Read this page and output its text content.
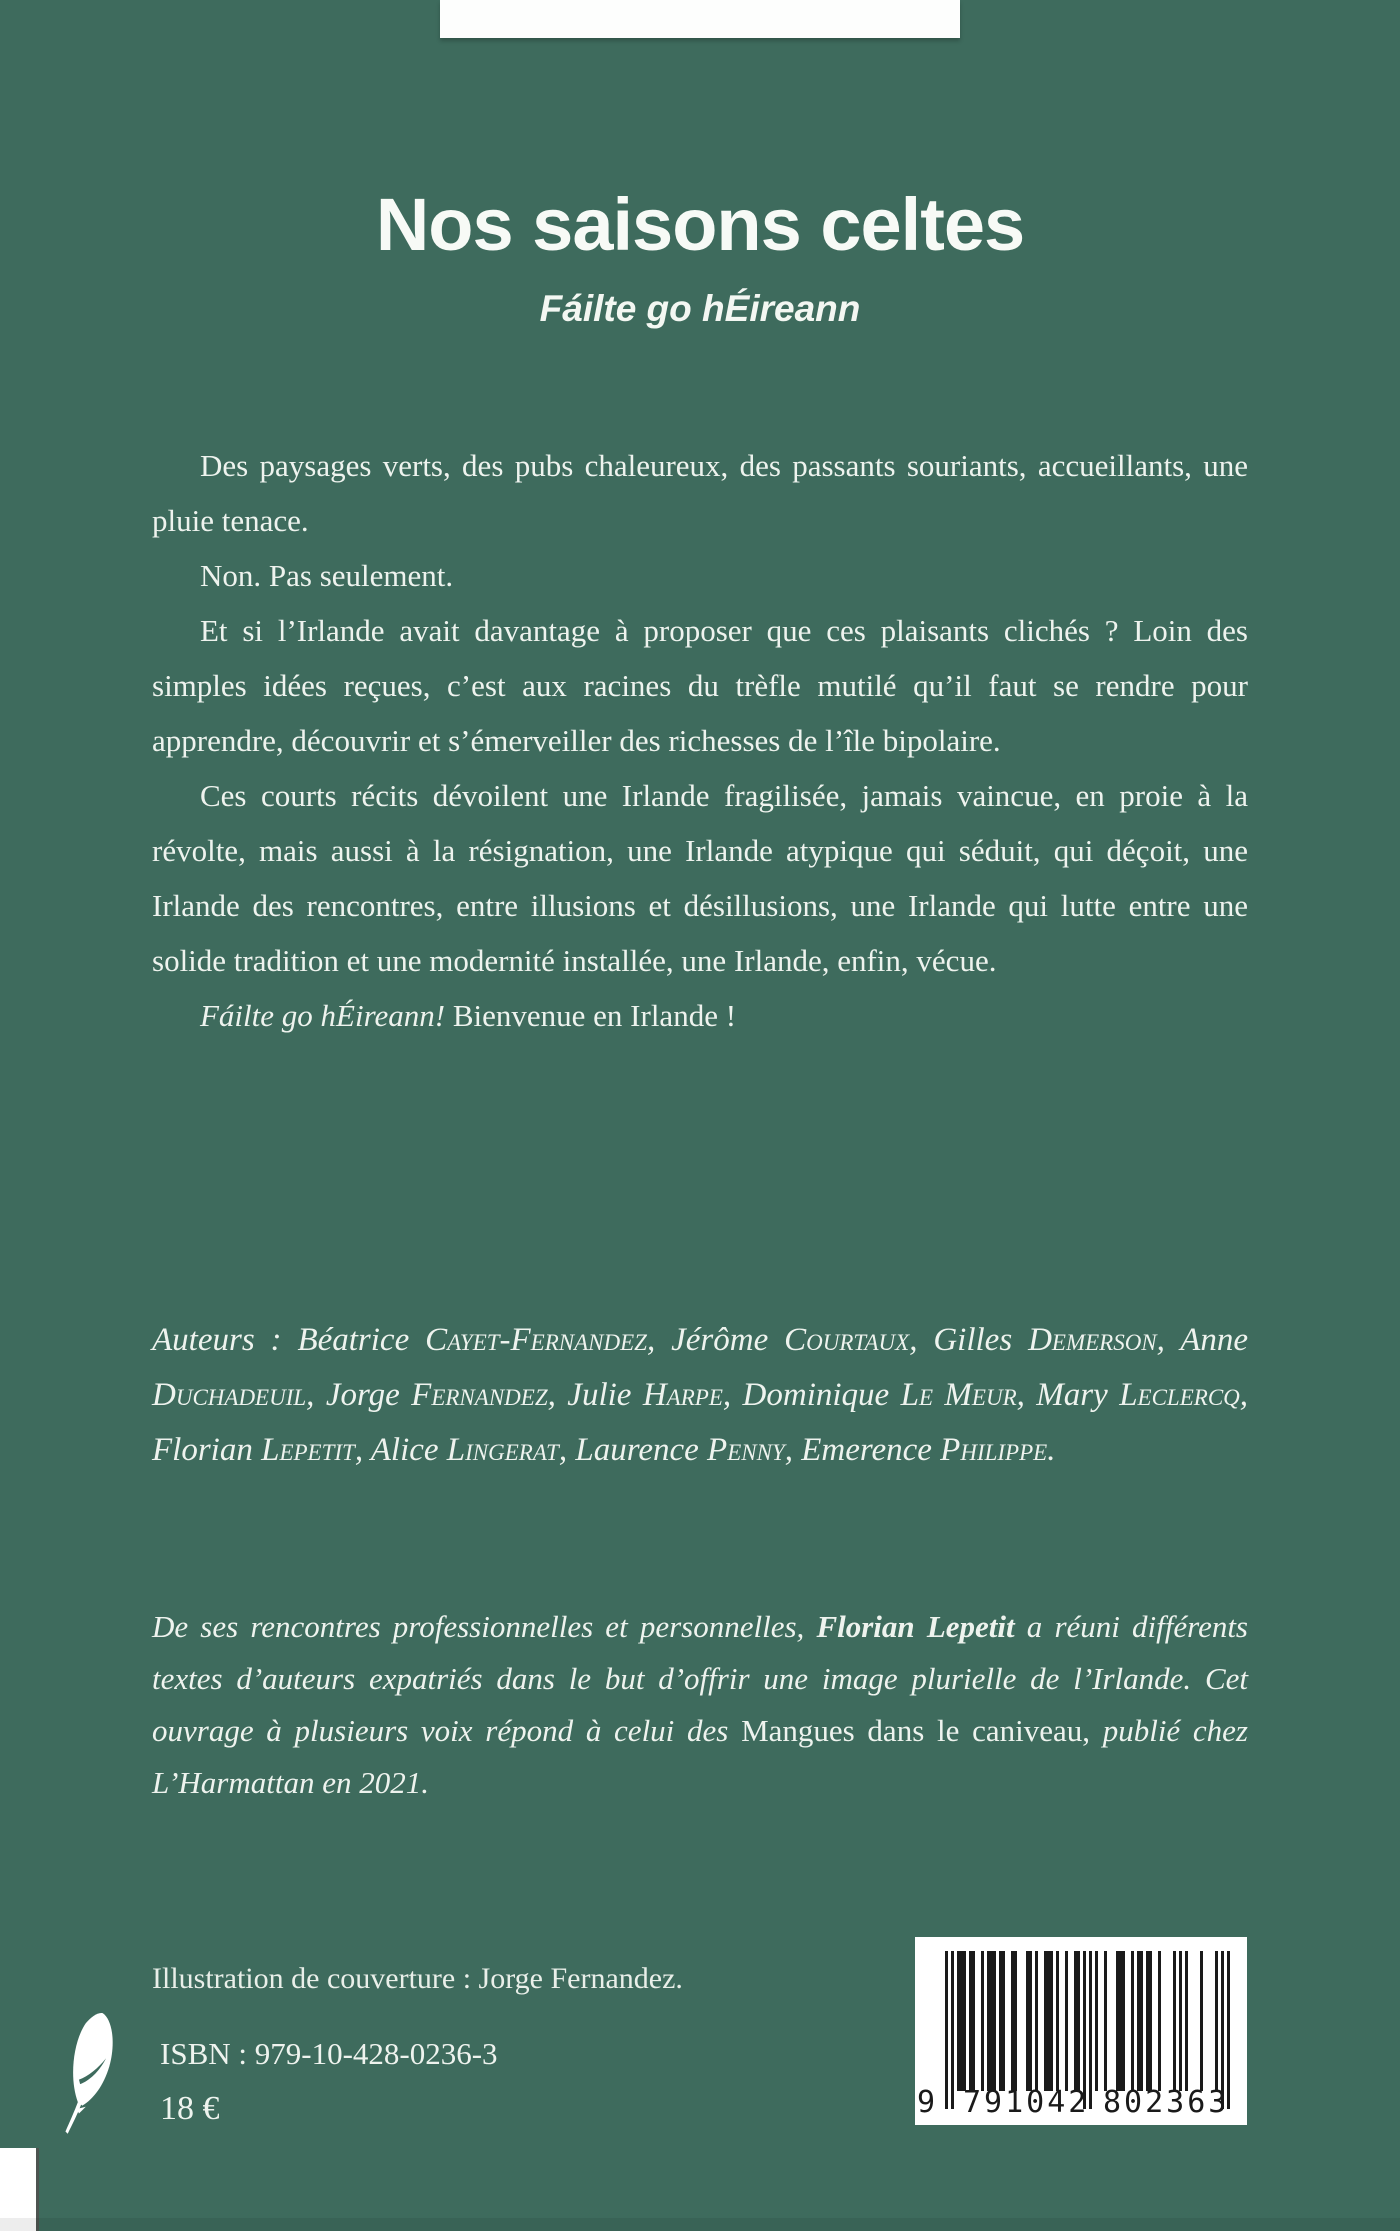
Nos saisons celtes
Fáilte go hÉireann

Des paysages verts, des pubs chaleureux, des passants souriants, accueillants, une pluie tenace.

Non. Pas seulement.

Et si l’Irlande avait davantage à proposer que ces plaisants clichés ? Loin des simples idées reçues, c’est aux racines du trèfle mutilé qu’il faut se rendre pour apprendre, découvrir et s’émerveiller des richesses de l’île bipolaire.

Ces courts récits dévoilent une Irlande fragilisée, jamais vaincue, en proie à la révolte, mais aussi à la résignation, une Irlande atypique qui séduit, qui déçoit, une Irlande des rencontres, entre illusions et désillusions, une Irlande qui lutte entre une solide tradition et une modernité installée, une Irlande, enfin, vécue.

Fáilte go hÉireann! Bienvenue en Irlande !

Auteurs : Béatrice Cayet-Fernandez, Jérôme Courtaux, Gilles Demerson, Anne Duchadeuil, Jorge Fernandez, Julie Harpe, Dominique Le Meur, Mary Leclercq, Florian Lepetit, Alice Lingerat, Laurence Penny, Emerence Philippe.
De ses rencontres professionnelles et personnelles, Florian Lepetit a réuni différents textes d’auteurs expatriés dans le but d’offrir une image plurielle de l’Irlande. Cet ouvrage à plusieurs voix répond à celui des Mangues dans le caniveau, publié chez L’Harmattan en 2021.
Illustration de couverture : Jorge Fernandez.
ISBN : 979-10-428-0236-3
18 €	9 791042 802363
